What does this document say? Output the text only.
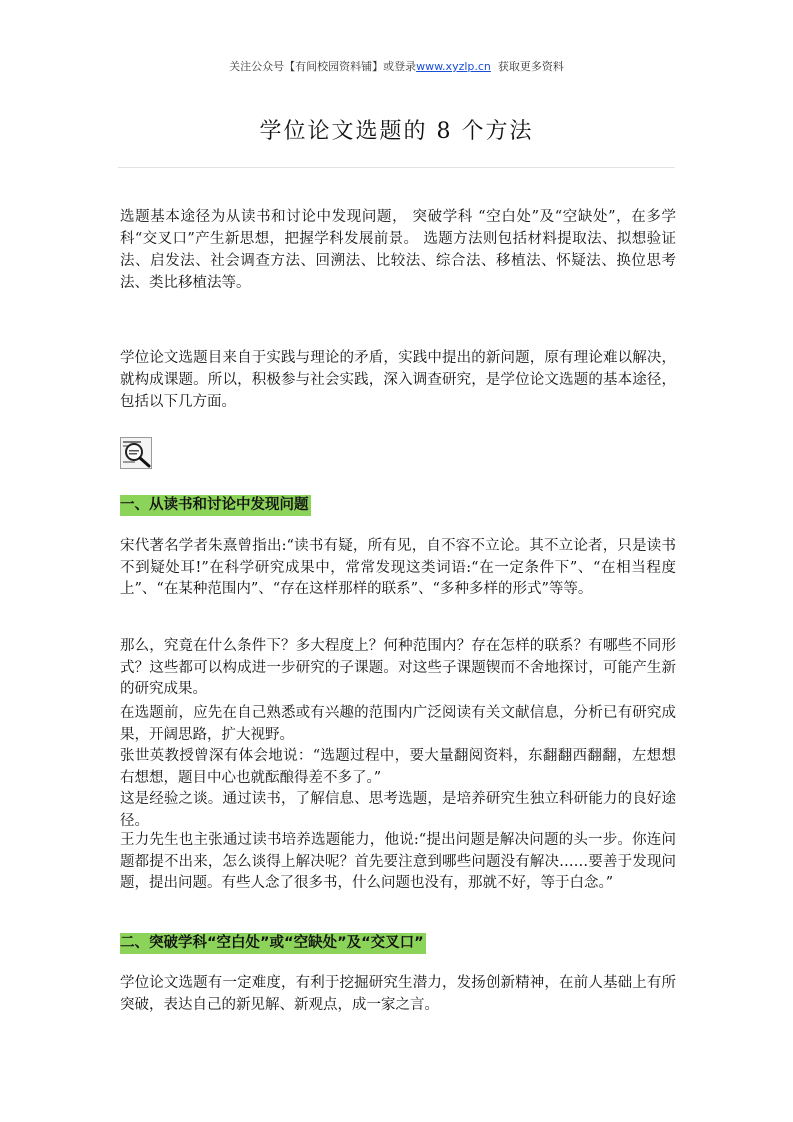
关注公众号【有间校园资料铺】或登录www.xyzlp.cn 获取更多资料
学位论文选题的 8 个方法

选题基本途径为从读书和讨论中发现问题， 突破学科 “空白处”及“空缺处”，在多学科“交叉口”产生新思想，把握学科发展前景。 选题方法则包括材料提取法、拟想验证法、启发法、社会调查方法、回溯法、比较法、综合法、移植法、怀疑法、换位思考法、类比移植法等。

学位论文选题目来自于实践与理论的矛盾，实践中提出的新问题，原有理论难以解决，就构成课题。所以，积极参与社会实践，深入调查研究，是学位论文选题的基本途径，包括以下几方面。

一、从读书和讨论中发现问题

宋代著名学者朱熹曾指出:“读书有疑，所有见，自不容不立论。其不立论者，只是读书不到疑处耳!”在科学研究成果中，常常发现这类词语:“在一定条件下”、“在相当程度上”、“在某种范围内”、“存在这样那样的联系”、“多种多样的形式”等等。

那么，究竟在什么条件下？多大程度上？何种范围内？存在怎样的联系？有哪些不同形式？这些都可以构成进一步研究的子课题。对这些子课题锲而不舍地探讨，可能产生新的研究成果。

在选题前，应先在自己熟悉或有兴趣的范围内广泛阅读有关文献信息，分析已有研究成果，开阔思路，扩大视野。

张世英教授曾深有体会地说：“选题过程中，要大量翻阅资料，东翻翻西翻翻，左想想右想想，题目中心也就酝酿得差不多了。”

这是经验之谈。通过读书，了解信息、思考选题，是培养研究生独立科研能力的良好途径。

王力先生也主张通过读书培养选题能力，他说:“提出问题是解决问题的头一步。你连问题都提不出来，怎么谈得上解决呢？首先要注意到哪些问题没有解决……要善于发现问题，提出问题。有些人念了很多书，什么问题也没有，那就不好，等于白念。”

二、突破学科“空白处”或“空缺处”及“交叉口”

学位论文选题有一定难度，有利于挖掘研究生潜力，发扬创新精神，在前人基础上有所突破，表达自己的新见解、新观点，成一家之言。
